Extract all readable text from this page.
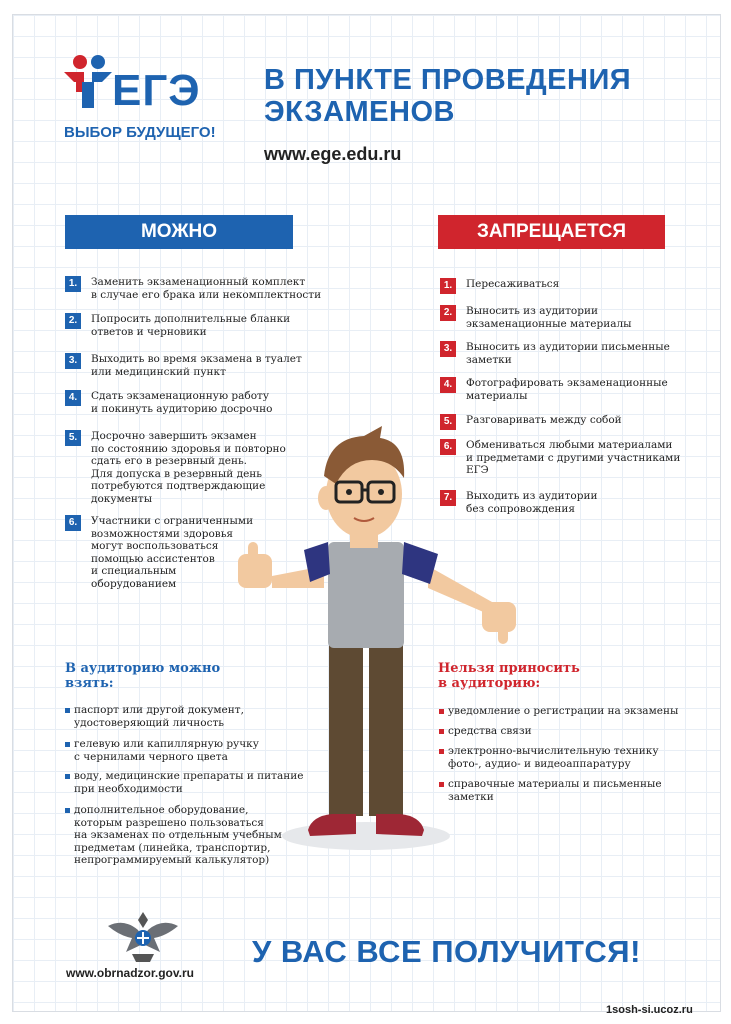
ЕГЭ
ВЫБОР БУДУЩЕГО!
В ПУНКТЕ ПРОВЕДЕНИЯ
ЭКЗАМЕНОВ
www.ege.edu.ru
МОЖНО	ЗАПРЕЩАЕТСЯ
1.	Заменить экзаменационный комплект
в случае его брака или некомплектности
2.	Попросить дополнительные бланки
ответов и черновики
3.	Выходить во время экзамена в туалет
или медицинский пункт
4.	Сдать экзаменационную работу
и покинуть аудиторию досрочно
5.	Досрочно завершить экзамен
по состоянию здоровья и повторно
сдать его в резервный день.
Для допуска в резервный день
потребуются подтверждающие
документы
6.	Участники с ограниченными
возможностями здоровья
могут воспользоваться
помощью ассистентов
и специальным
оборудованием
1.	Пересаживаться
2.	Выносить из аудитории
экзаменационные материалы
3.	Выносить из аудитории письменные
заметки
4.	Фотографировать экзаменационные
материалы
5.	Разговаривать между собой
6.	Обмениваться любыми материалами
и предметами с другими участниками
ЕГЭ
7.	Выходить из аудитории
без сопровождения
В аудиторию можно
взять:
паспорт или другой документ,
удостоверяющий личность
гелевую или капиллярную ручку
с чернилами черного цвета
воду, медицинские препараты и питание
при необходимости
дополнительное оборудование,
которым разрешено пользоваться
на экзаменах по отдельным учебным
предметам (линейка, транспортир,
непрограммируемый калькулятор)
Нельзя приносить
в аудиторию:
уведомление о регистрации на экзамены
средства связи
электронно-вычислительную технику
фото-, аудио- и видеоаппаратуру
справочные материалы и письменные
заметки
www.obrnadzor.gov.ru
У ВАС ВСЕ ПОЛУЧИТСЯ!
1sosh-si.ucoz.ru
